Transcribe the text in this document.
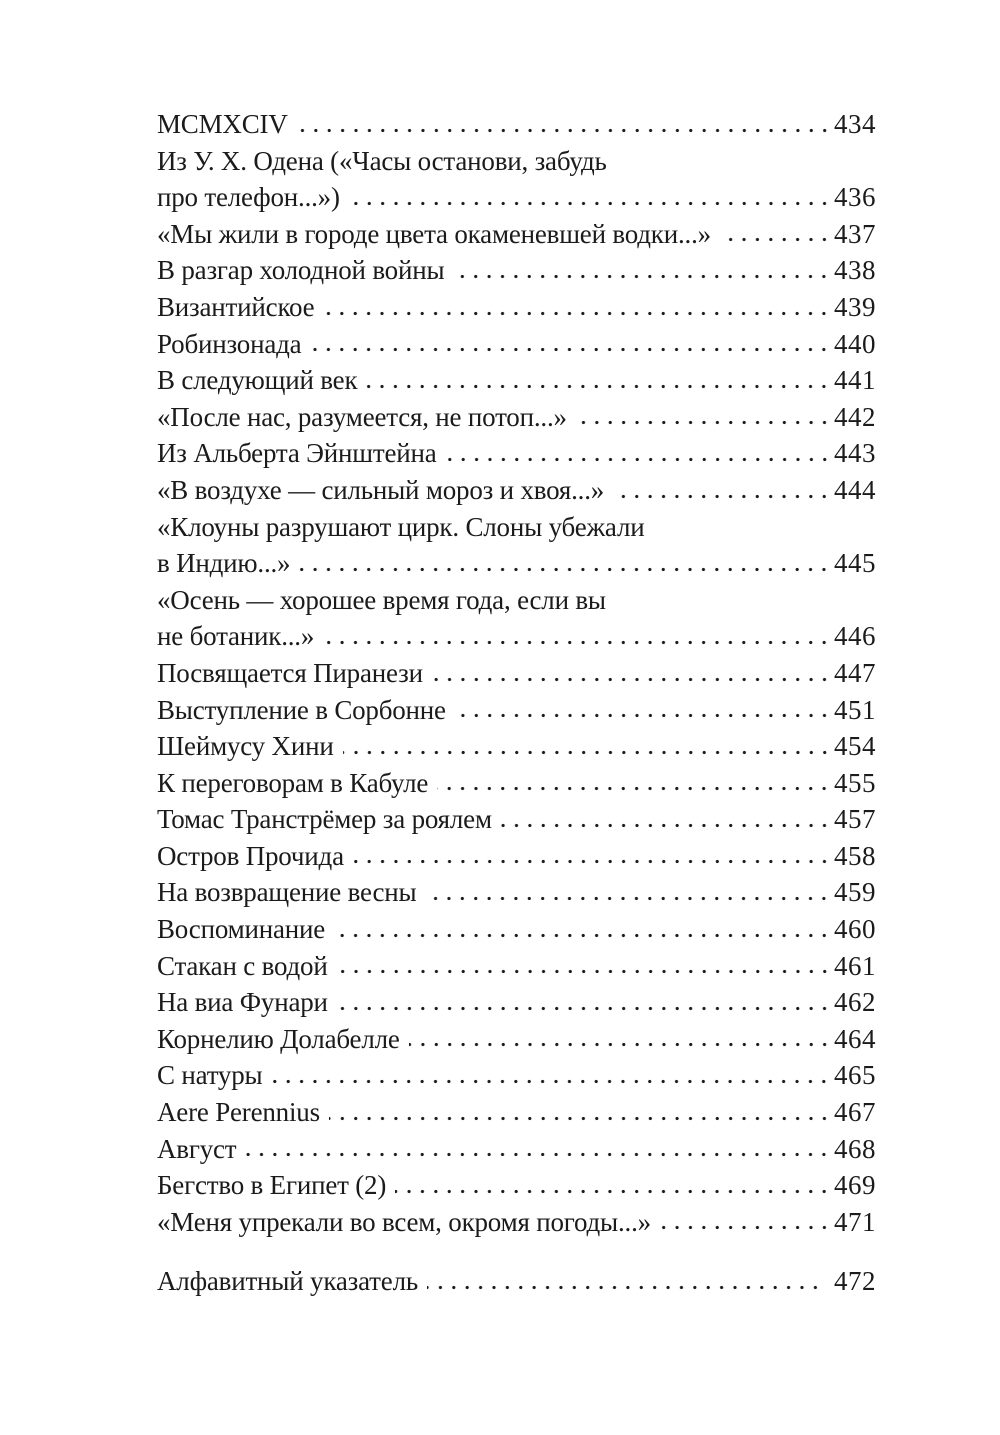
MCMXCIV	434
Из У. Х. Одена («Часы останови, забудь
про телефон...»)	436
«Мы жили в городе цвета окаменевшей водки...»	437
В разгар холодной войны	438
Византийское	439
Робинзонада	440
В следующий век	441
«После нас, разумеется, не потоп...»	442
Из Альберта Эйнштейна	443
«В воздухе — сильный мороз и хвоя...»	444
«Клоуны разрушают цирк. Слоны убежали
в Индию...»	445
«Осень — хорошее время года, если вы
не ботаник...»	446
Посвящается Пиранези	447
Выступление в Сорбонне	451
Шеймусу Хини	454
К переговорам в Кабуле	455
Томас Транстрёмер за роялем	457
Остров Прочида	458
На возвращение весны	459
Воспоминание	460
Стакан с водой	461
На виа Фунари	462
Корнелию Долабелле	464
С натуры	465
Aere Perennius	467
Август	468
Бегство в Египет (2)	469
«Меня упрекали во всем, окромя погоды...»	471
Алфавитный указатель	472
